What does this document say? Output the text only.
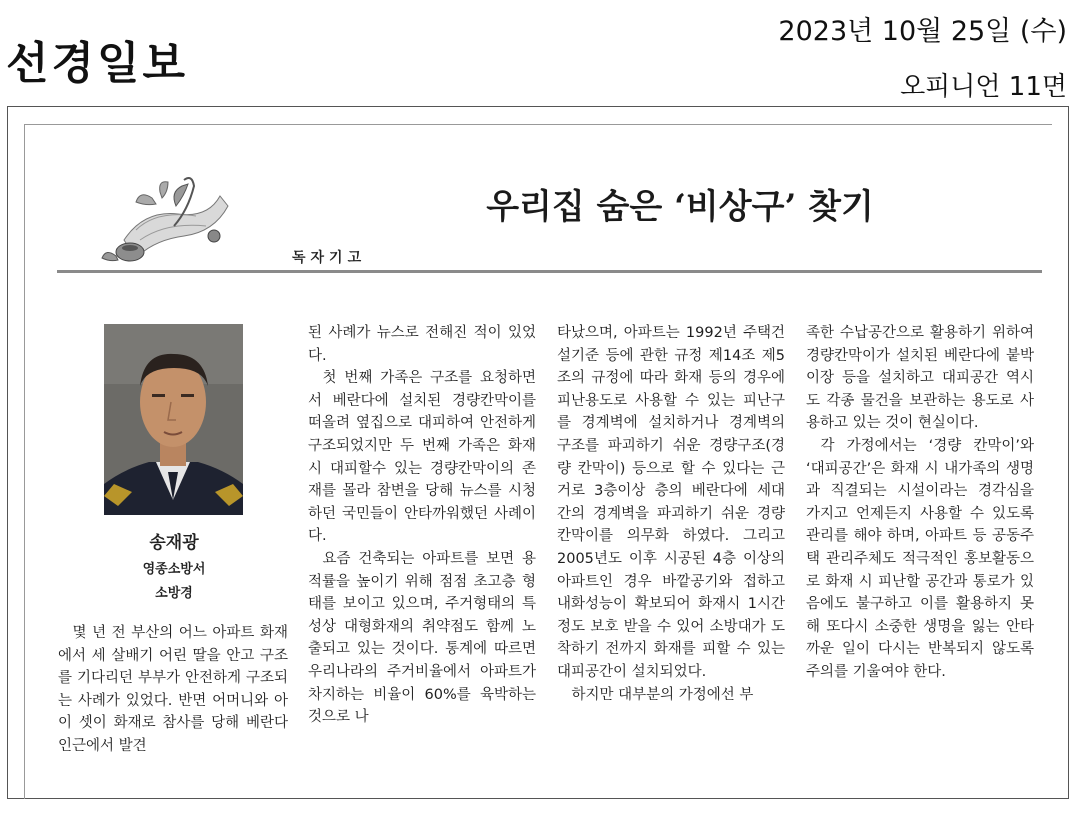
선경일보
2023년 10월 25일 (수)
오피니언 11면
우리집 숨은 ‘비상구’ 찾기
독자기고
송재광
영종소방서
소방경

몇 년 전 부산의 어느 아파트 화재에서 세 살배기 어린 딸을 안고 구조를 기다리던 부부가 안전하게 구조되는 사례가 있었다. 반면 어머니와 아이 셋이 화재로 참사를 당해 베란다 인근에서 발견

된 사례가 뉴스로 전해진 적이 있었다.

첫 번째 가족은 구조를 요청하면서 베란다에 설치된 경량칸막이를 떠올려 옆집으로 대피하여 안전하게 구조되었지만 두 번째 가족은 화재시 대피할수 있는 경량칸막이의 존재를 몰라 참변을 당해 뉴스를 시청하던 국민들이 안타까워했던 사례이다.

요즘 건축되는 아파트를 보면 용적률을 높이기 위해 점점 초고층 형태를 보이고 있으며, 주거형태의 특성상 대형화재의 취약점도 함께 노출되고 있는 것이다. 통계에 따르면 우리나라의 주거비율에서 아파트가 차지하는 비율이 60%를 육박하는 것으로 나

타났으며, 아파트는 1992년 주택건설기준 등에 관한 규정 제14조 제5조의 규정에 따라 화재 등의 경우에 피난용도로 사용할 수 있는 피난구를 경계벽에 설치하거나 경계벽의 구조를 파괴하기 쉬운 경량구조(경량 칸막이) 등으로 할 수 있다는 근거로 3층이상 층의 베란다에 세대 간의 경계벽을 파괴하기 쉬운 경량칸막이를 의무화 하였다. 그리고 2005년도 이후 시공된 4층 이상의 아파트인 경우 바깥공기와 접하고 내화성능이 확보되어 화재시 1시간 정도 보호 받을 수 있어 소방대가 도착하기 전까지 화재를 피할 수 있는 대피공간이 설치되었다.

하지만 대부분의 가정에선 부

족한 수납공간으로 활용하기 위하여 경량칸막이가 설치된 베란다에 붙박이장 등을 설치하고 대피공간 역시도 각종 물건을 보관하는 용도로 사용하고 있는 것이 현실이다.

각 가정에서는 ‘경량 칸막이’와 ‘대피공간’은 화재 시 내가족의 생명과 직결되는 시설이라는 경각심을 가지고 언제든지 사용할 수 있도록 관리를 해야 하며, 아파트 등 공동주택 관리주체도 적극적인 홍보활동으로 화재 시 피난할 공간과 통로가 있음에도 불구하고 이를 활용하지 못해 또다시 소중한 생명을 잃는 안타까운 일이 다시는 반복되지 않도록 주의를 기울여야 한다.
